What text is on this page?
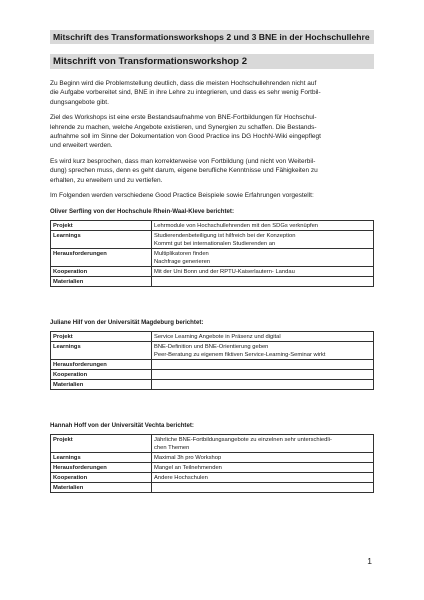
Mitschrift des Transformationsworkshops 2 und 3 BNE in der Hochschullehre
Mitschrift von Transformationsworkshop 2

Zu Beginn wird die Problemstellung deutlich, dass die meisten Hochschullehrenden nicht auf
die Aufgabe vorbereitet sind, BNE in ihre Lehre zu integrieren, und dass es sehr wenig Fortbil-
dungsangebote gibt.

Ziel des Workshops ist eine erste Bestandsaufnahme von BNE-Fortbildungen für Hochschul-
lehrende zu machen, welche Angebote existieren, und Synergien zu schaffen. Die Bestands-
aufnahme soll im Sinne der Dokumentation von Good Practice ins DG HochN-Wiki eingepflegt
und erweitert werden.

Es wird kurz besprochen, dass man korrekterweise von Fortbildung (und nicht von Weiterbil-
dung) sprechen muss, denn es geht darum, eigene berufliche Kenntnisse und Fähigkeiten zu
erhalten, zu erweitern und zu vertiefen.

Im Folgenden werden verschiedene Good Practice Beispiele sowie Erfahrungen vorgestellt:

Oliver Serfling von der Hochschule Rhein-Waal-Kleve berichtet:
Projekt	Lehrmodule von Hochschullehrenden mit den SDGs verknüpfen

Learnings	Studierendenbeteiligung ist hilfreich bei der Konzeption
Kommt gut bei internationalen Studierenden an

Herausforderungen	Multiplikatoren finden
Nachfrage generieren

Kooperation	Mit der Uni Bonn und der RPTU-Kaiserlautern- Landau

Materialien	
Juliane Hilf von der Universität Magdeburg berichtet:
Projekt	Service Learning Angebote in Präsenz und digital

Learnings	BNE-Definition und BNE-Orientierung geben
Peer-Beratung zu eigenem fiktiven Service-Learning-Seminar wirkt

Herausforderungen	

Kooperation	

Materialien	
Hannah Hoff von der Universität Vechta berichtet:
Projekt	Jährliche BNE-Fortbildungsangebote zu einzelnen sehr unterschiedli-
chen Themen

Learnings	Maximal 3h pro Workshop

Herausforderungen	Mangel an Teilnehmenden

Kooperation	Andere Hochschulen

Materialien	
1
